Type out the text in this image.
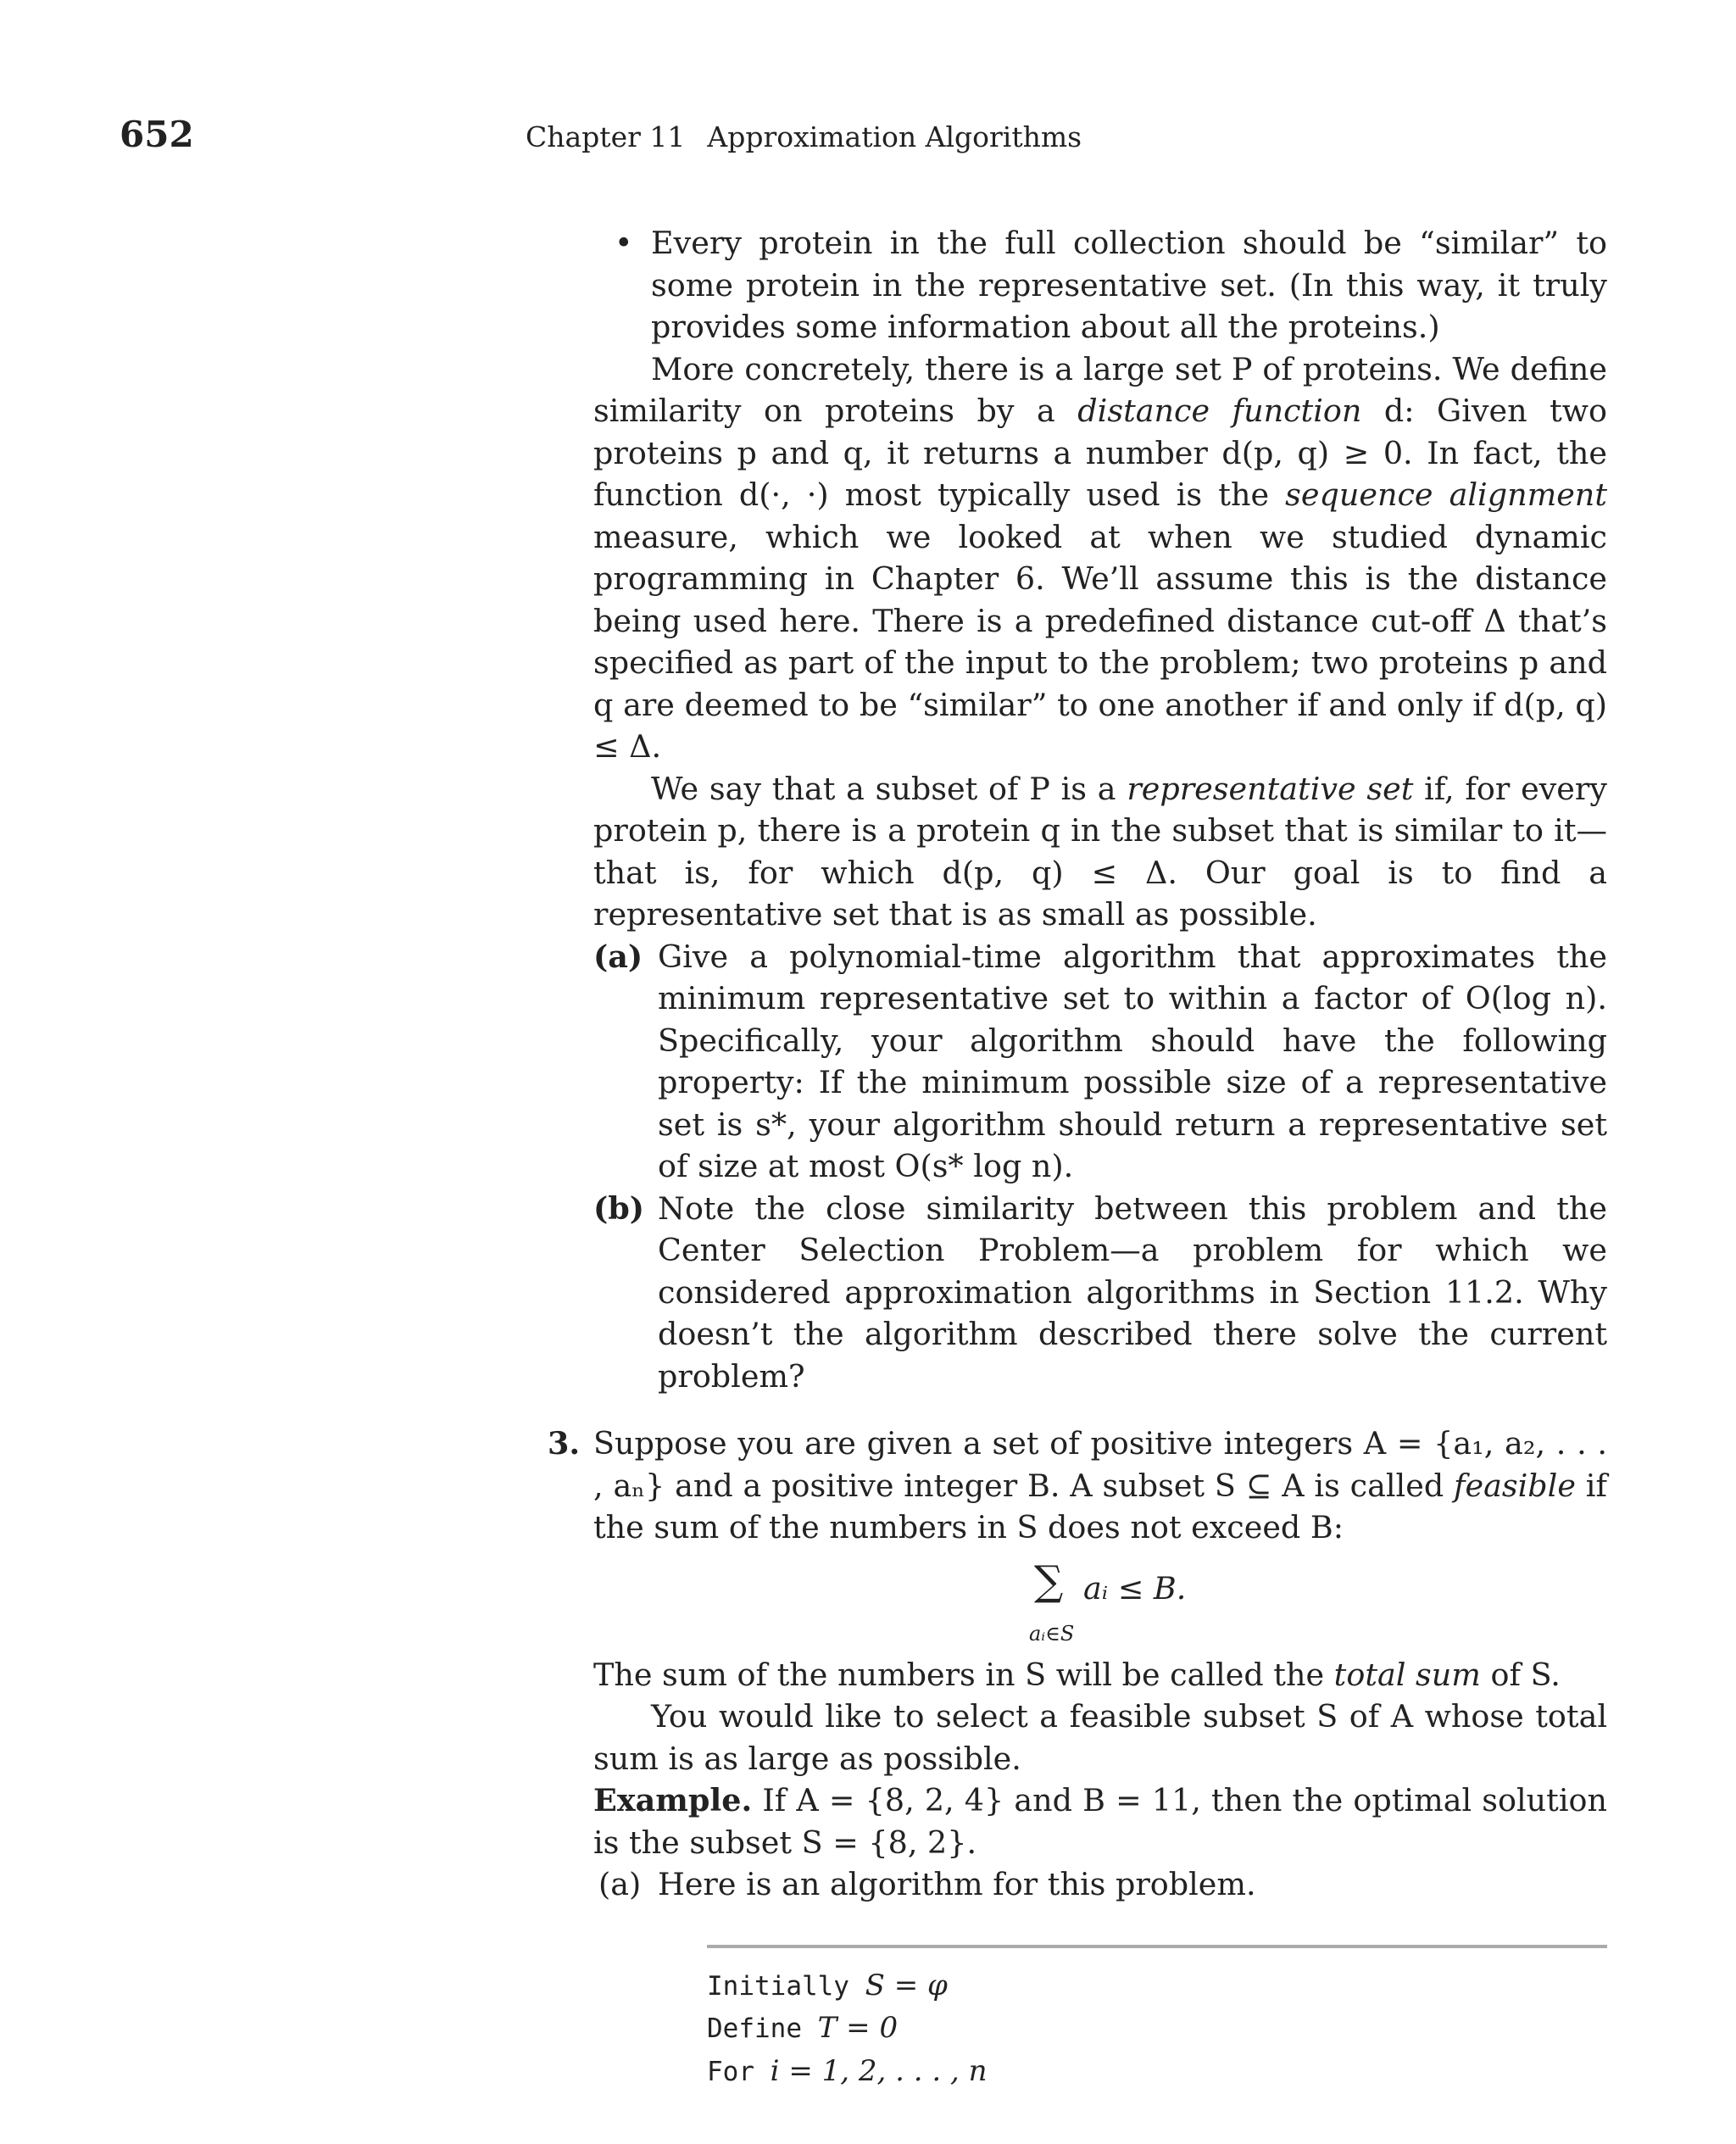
652	Chapter 11 Approximation Algorithms

• Every protein in the full collection should be “similar” to some protein in the representative set. (In this way, it truly provides some information about all the proteins.)

More concretely, there is a large set P of proteins. We define similarity on proteins by a distance function d: Given two proteins p and q, it returns a number d(p, q) ≥ 0. In fact, the function d(·, ·) most typically used is the sequence alignment measure, which we looked at when we studied dynamic programming in Chapter 6. We’ll assume this is the distance being used here. There is a predefined distance cut-off Δ that’s specified as part of the input to the problem; two proteins p and q are deemed to be “similar” to one another if and only if d(p, q) ≤ Δ.

We say that a subset of P is a representative set if, for every protein p, there is a protein q in the subset that is similar to it—that is, for which d(p, q) ≤ Δ. Our goal is to find a representative set that is as small as possible.

(a) Give a polynomial-time algorithm that approximates the minimum representative set to within a factor of O(log n). Specifically, your algorithm should have the following property: If the minimum possible size of a representative set is s*, your algorithm should return a representative set of size at most O(s* log n).

(b) Note the close similarity between this problem and the Center Selection Problem—a problem for which we considered approximation algorithms in Section 11.2. Why doesn’t the algorithm described there solve the current problem?

3. Suppose you are given a set of positive integers A = {a₁, a₂, . . . , aₙ} and a positive integer B. A subset S ⊆ A is called feasible if the sum of the numbers in S does not exceed B:

∑ aᵢ ≤ B.
aᵢ∈S

The sum of the numbers in S will be called the total sum of S.

You would like to select a feasible subset S of A whose total sum is as large as possible.

Example. If A = {8, 2, 4} and B = 11, then the optimal solution is the subset S = {8, 2}.

(a) Here is an algorithm for this problem.

Initially S = φ
Define T = 0
For i = 1, 2, . . . , n
